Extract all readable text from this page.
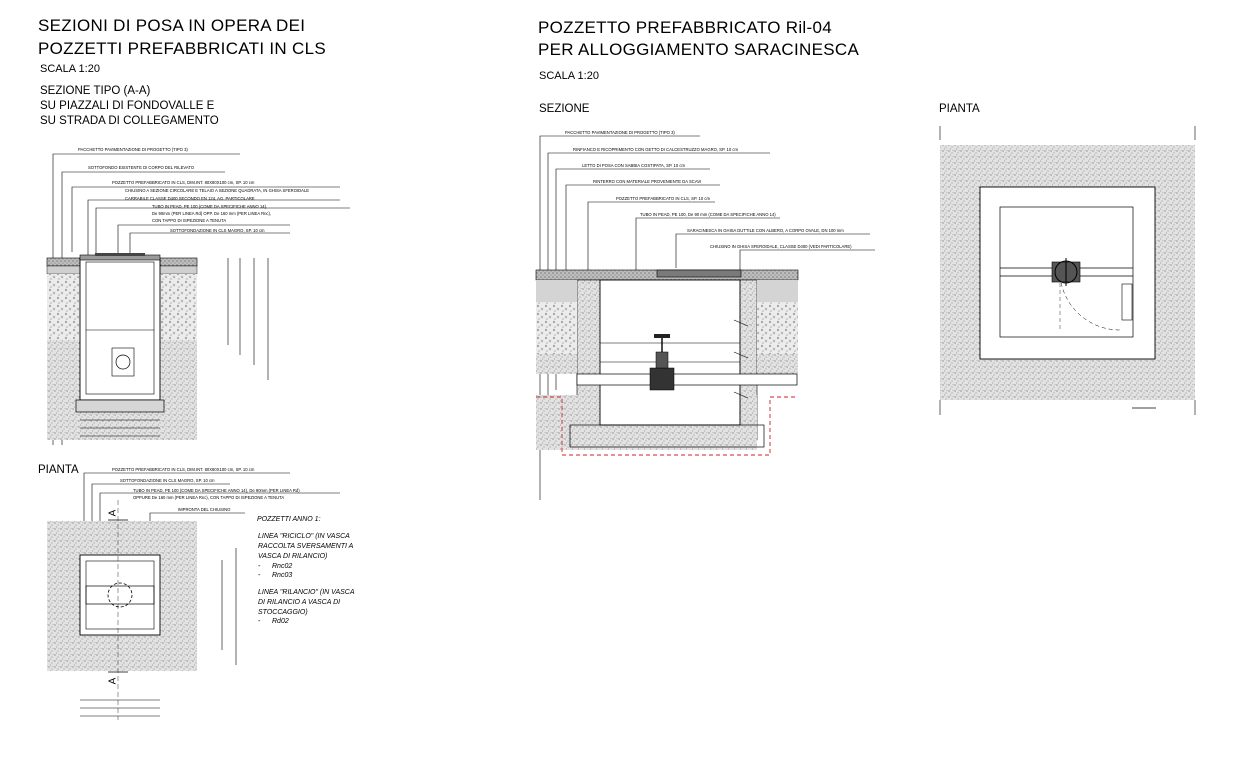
SEZIONI DI POSA IN OPERA DEI
POZZETTI PREFABBRICATI IN CLS
SCALA 1:20
SEZIONE TIPO (A-A)
SU PIAZZALI DI FONDOVALLE E
SU STRADA DI COLLEGAMENTO
PACCHETTO PAVIMENTAZIONE DI PROGETTO (TIPO 3)
SOTTOFONDO ESISTENTE DI CORPO DEL RILEVATO
POZZETTO PREFABBRICATO IN CLS, DIM.INT. 80X80X100 cm, SP. 10 cm
CHIUSINO A SEZIONE CIRCOLARE E TELAIO A SEZIONE QUADRATA, IN GHISA SFEROIDALE
CARRABILE CLASSE D400 SECONDO EN 124, AG. PARTICOLARE
TUBO IN PEAD, PE 100 (COME DA SPECIFICHE ANNO 14),
De 90mm (PER LINEA Rd) OPP. De 160 mm (PER LINEA Rnc),
CON TAPPO DI ISPEZIONE A TENUTA
SOTTOFONDAZIONE IN CLS MAGRO, SP. 10 cm
PIANTA	POZZETTO PREFABBRICATO IN CLS, DIM.INT. 80X80X100 cm, SP. 10 cm
SOTTOFONDAZIONE IN CLS MAGRO, SP. 10 cm
TUBO IN PEAD, PE 100 (COME DA SPECIFICHE ANNO 14), De 90mm (PER LINEA Rd)
OPPURE De 160 mm (PER LINEA Rnc), CON TAPPO DI ISPEZIONE A TENUTA
IMPRONTA DEL CHIUSINO
POZZETTI ANNO 1:
LINEA "RICICLO" (IN VASCA
RACCOLTA SVERSAMENTI A
VASCA DI RILANCIO)
-      Rnc02
-      Rnc03
LINEA "RILANCIO" (IN VASCA
DI RILANCIO A VASCA DI
STOCCAGGIO)
-      Rd02
POZZETTO PREFABBRICATO Ril-04
PER ALLOGGIAMENTO SARACINESCA
SCALA 1:20
SEZIONE	PIANTA
PACCHETTO PAVIMENTAZIONE DI PROGETTO (TIPO 3)
RINFIANCO E RICOPRIMENTO CON GETTO DI CALCESTRUZZO MAGRO, SP. 10 cm
LETTO DI POSA CON SABBIA COSTIPATA, SP. 10 cm
RINTERRO CON MATERIALE PROVENIENTE DA SCAVI
POZZETTO PREFABBRICATO IN CLS, SP. 10 cm
TUBO IN PEAD, PE 100, De 90 mm (COME DA SPECIFICHE ANNO 14)
SARACINESCA IN GHISA DUTTILE CON ALBERO, A CORPO OVALE, DN 100 mm
CHIUSINO IN GHISA SFEROIDALE, CLASSE D400 (VEDI PARTICOLARE)
A
A
